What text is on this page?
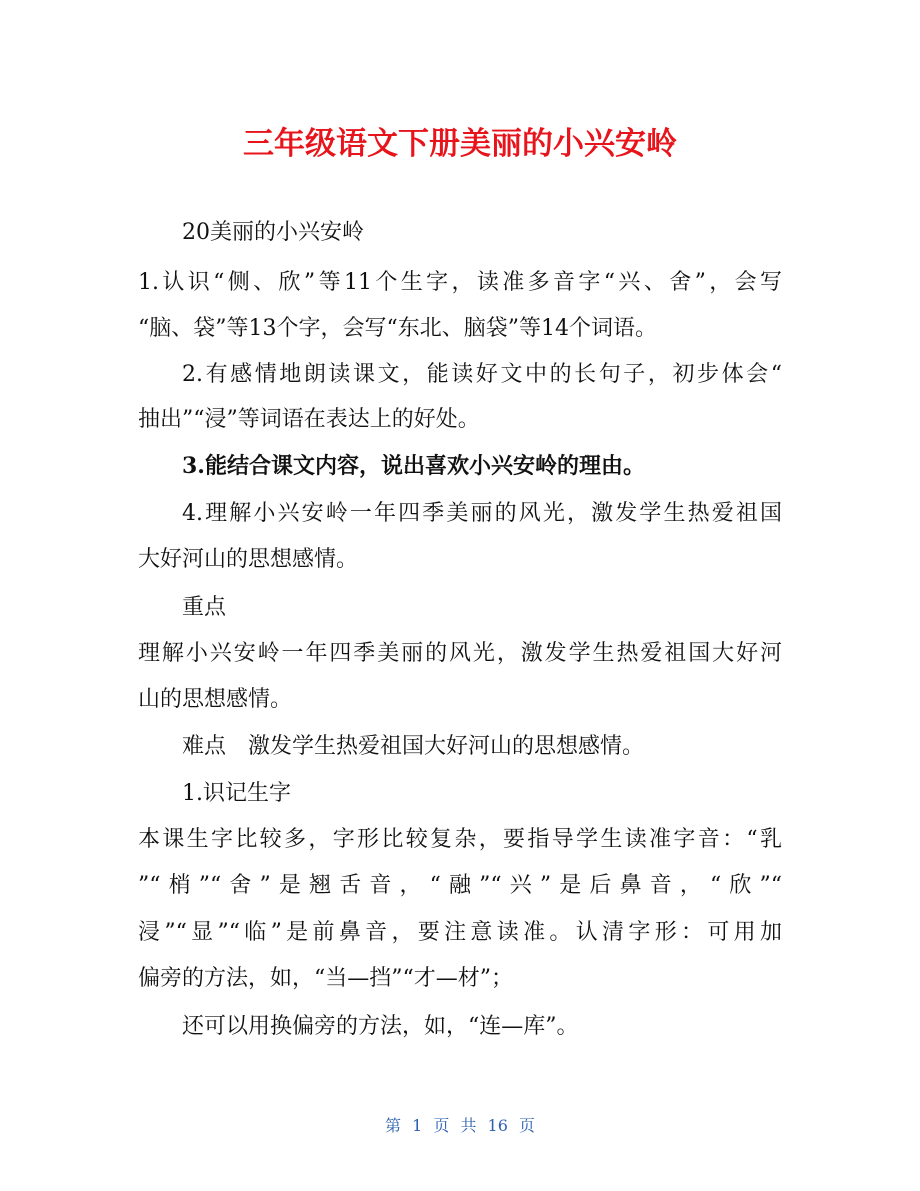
三年级语文下册美丽的小兴安岭

20美丽的小兴安岭

1.认识“侧、欣”等11个生字，读准多音字“兴、舍”，会写

“脑、袋”等13个字，会写“东北、脑袋”等14个词语。

2.有感情地朗读课文，能读好文中的长句子，初步体会“

抽出”“浸”等词语在表达上的好处。

3.能结合课文内容，说出喜欢小兴安岭的理由。

4.理解小兴安岭一年四季美丽的风光，激发学生热爱祖国

大好河山的思想感情。

重点

理解小兴安岭一年四季美丽的风光，激发学生热爱祖国大好河

山的思想感情。

难点　激发学生热爱祖国大好河山的思想感情。

1.识记生字

本课生字比较多，字形比较复杂，要指导学生读准字音：“乳

”“梢”“舍”是翘舌音，“融”“兴”是后鼻音，“欣”“

浸”“显”“临”是前鼻音，要注意读准。认清字形：可用加

偏旁的方法，如，“当—挡”“才—材”；

还可以用换偏旁的方法，如，“连—库”。

第 1 页 共 16 页
